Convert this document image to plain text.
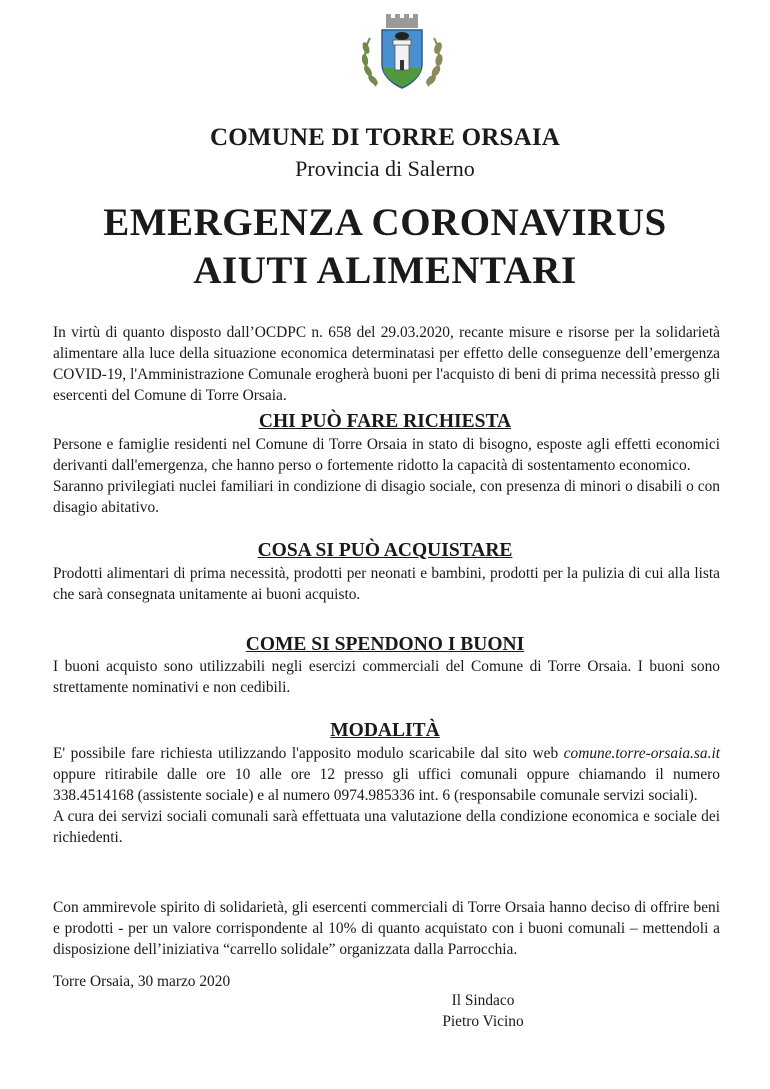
COMUNE DI TORRE ORSAIA
Provincia di Salerno
EMERGENZA CORONAVIRUS
AIUTI ALIMENTARI

In virtù di quanto disposto dall’OCDPC n. 658 del 29.03.2020, recante misure e risorse per la solidarietà alimentare alla luce della situazione economica determinatasi per effetto delle conseguenze dell’emergenza COVID-19, l'Amministrazione Comunale erogherà buoni per l'acquisto di beni di prima necessità presso gli esercenti del Comune di Torre Orsaia.

CHI PUÒ FARE RICHIESTA

Persone e famiglie residenti nel Comune di Torre Orsaia in stato di bisogno, esposte agli effetti economici derivanti dall'emergenza, che hanno perso o fortemente ridotto la capacità di sostentamento economico.

Saranno privilegiati nuclei familiari in condizione di disagio sociale, con presenza di minori o disabili o con disagio abitativo.

COSA SI PUÒ ACQUISTARE

Prodotti alimentari di prima necessità, prodotti per neonati e bambini, prodotti per la pulizia di cui alla lista che sarà consegnata unitamente ai buoni acquisto.

COME SI SPENDONO I BUONI

I buoni acquisto sono utilizzabili negli esercizi commerciali del Comune di Torre Orsaia. I buoni sono strettamente nominativi e non cedibili.

MODALITÀ

E' possibile fare richiesta utilizzando l'apposito modulo scaricabile dal sito web comune.torre-orsaia.sa.it oppure ritirabile dalle ore 10 alle ore 12 presso gli uffici comunali oppure chiamando il numero 338.4514168 (assistente sociale) e al numero 0974.985336 int. 6 (responsabile comunale servizi sociali).

A cura dei servizi sociali comunali sarà effettuata una valutazione della condizione economica e sociale dei richiedenti.

Con ammirevole spirito di solidarietà, gli esercenti commerciali di Torre Orsaia hanno deciso di offrire beni e prodotti - per un valore corrispondente al 10% di quanto acquistato con i buoni comunali – mettendoli a disposizione dell’iniziativa “carrello solidale” organizzata dalla Parrocchia.

Torre Orsaia, 30 marzo 2020
Il Sindaco
Pietro Vicino
